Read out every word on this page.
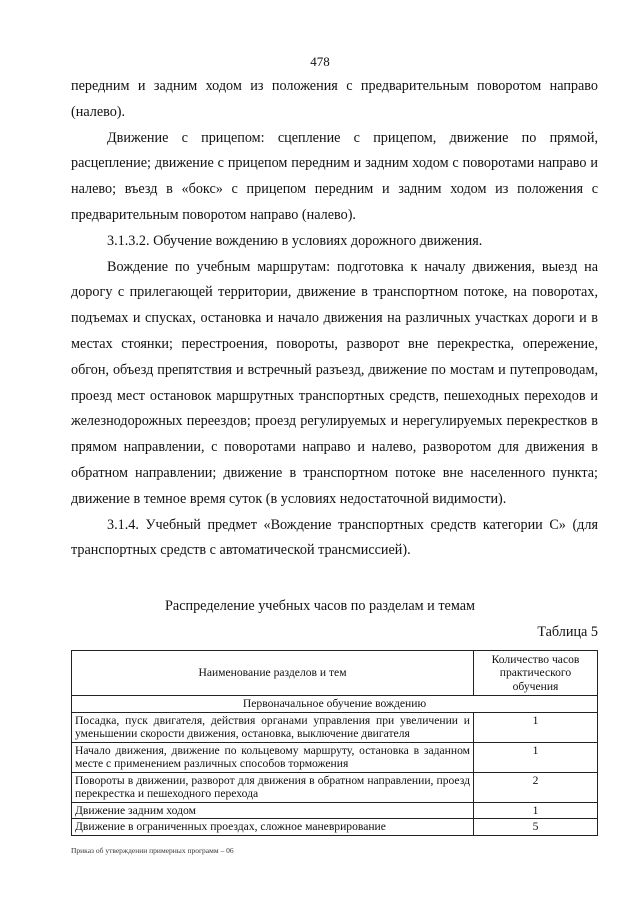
478

передним и задним ходом из положения с предварительным поворотом направо (налево).

Движение с прицепом: сцепление с прицепом, движение по прямой, расцепление; движение с прицепом передним и задним ходом с поворотами направо и налево; въезд в «бокс» с прицепом передним и задним ходом из положения с предварительным поворотом направо (налево).

3.1.3.2. Обучение вождению в условиях дорожного движения.

Вождение по учебным маршрутам: подготовка к началу движения, выезд на дорогу с прилегающей территории, движение в транспортном потоке, на поворотах, подъемах и спусках, остановка и начало движения на различных участках дороги и в местах стоянки; перестроения, повороты, разворот вне перекрестка, опережение, обгон, объезд препятствия и встречный разъезд, движение по мостам и путепроводам, проезд мест остановок маршрутных транспортных средств, пешеходных переходов и железнодорожных переездов; проезд регулируемых и нерегулируемых перекрестков в прямом направлении, с поворотами направо и налево, разворотом для движения в обратном направлении; движение в транспортном потоке вне населенного пункта; движение в темное время суток (в условиях недостаточной видимости).

3.1.4. Учебный предмет «Вождение транспортных средств категории С» (для транспортных средств с автоматической трансмиссией).

Распределение учебных часов по разделам и темам
Таблица 5
Наименование разделов и тем	Количество часов практического обучения
Первоначальное обучение вождению	
Посадка, пуск двигателя, действия органами управления при увеличении и уменьшении скорости движения, остановка, выключение двигателя	1
Начало движения, движение по кольцевому маршруту, остановка в заданном месте с применением различных способов торможения	1
Повороты в движении, разворот для движения в обратном направлении, проезд перекрестка и пешеходного перехода	2
Движение задним ходом	1
Движение в ограниченных проездах, сложное маневрирование	5
Приказ об утверждении примерных программ – 06
